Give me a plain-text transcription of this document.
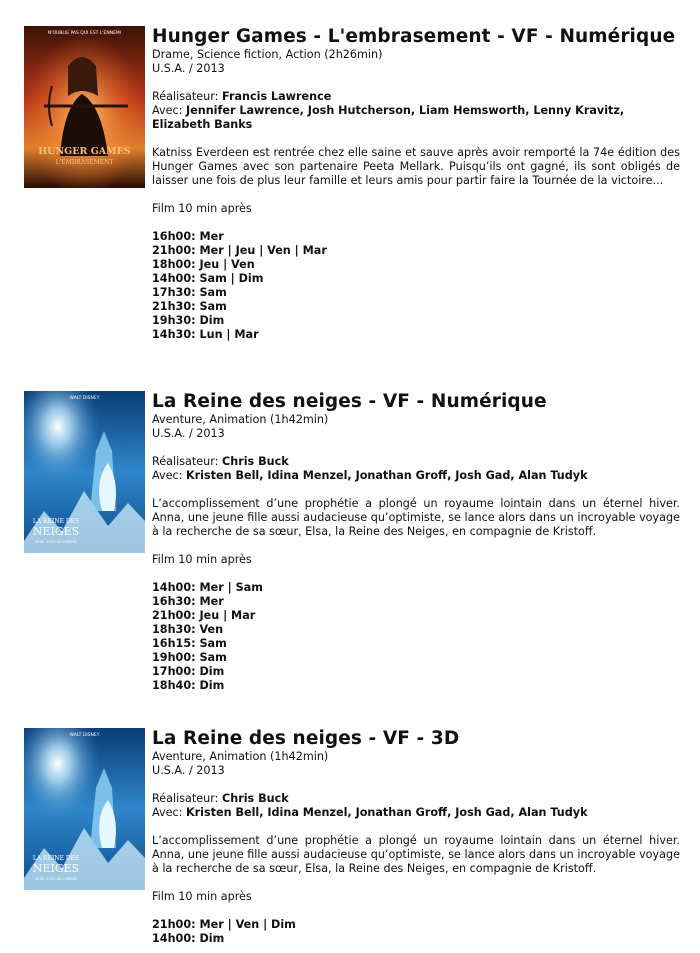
N'OUBLIE PAS QUI EST L'ENNEMI
HUNGER GAMES
L'EMBRASEMENT
Hunger Games - L'embrasement - VF - Numérique
Drame, Science fiction, Action (2h26min)
U.S.A. / 2013
Réalisateur: Francis Lawrence
Avec: Jennifer Lawrence, Josh Hutcherson, Liam Hemsworth, Lenny Kravitz, Elizabeth Banks
Katniss Everdeen est rentrée chez elle saine et sauve après avoir remporté la 74e édition des Hunger Games avec son partenaire Peeta Mellark. Puisqu’ils ont gagné, ils sont obligés de laisser une fois de plus leur famille et leurs amis pour partir faire la Tournée de la victoire...
Film 10 min après
16h00: Mer
21h00: Mer | Jeu | Ven | Mar
18h00: Jeu | Ven
14h00: Sam | Dim
17h30: Sam
21h30: Sam
19h30: Dim
14h30: Lun | Mar
WALT DISNEY
LA REINE DES
NEIGES
NOËL 2013 AU CINÉMA
La Reine des neiges - VF - Numérique
Aventure, Animation (1h42min)
U.S.A. / 2013
Réalisateur: Chris Buck
Avec: Kristen Bell, Idina Menzel, Jonathan Groff, Josh Gad, Alan Tudyk
L’accomplissement d’une prophétie a plongé un royaume lointain dans un éternel hiver. Anna, une jeune fille aussi audacieuse qu’optimiste, se lance alors dans un incroyable voyage à la recherche de sa sœur, Elsa, la Reine des Neiges, en compagnie de Kristoff.
Film 10 min après
14h00: Mer | Sam
16h30: Mer
21h00: Jeu | Mar
18h30: Ven
16h15: Sam
19h00: Sam
17h00: Dim
18h40: Dim
WALT DISNEY
LA REINE DES
NEIGES
NOËL 2013 AU CINÉMA
La Reine des neiges - VF - 3D
Aventure, Animation (1h42min)
U.S.A. / 2013
Réalisateur: Chris Buck
Avec: Kristen Bell, Idina Menzel, Jonathan Groff, Josh Gad, Alan Tudyk
L’accomplissement d’une prophétie a plongé un royaume lointain dans un éternel hiver. Anna, une jeune fille aussi audacieuse qu’optimiste, se lance alors dans un incroyable voyage à la recherche de sa sœur, Elsa, la Reine des Neiges, en compagnie de Kristoff.
Film 10 min après
21h00: Mer | Ven | Dim
14h00: Dim
